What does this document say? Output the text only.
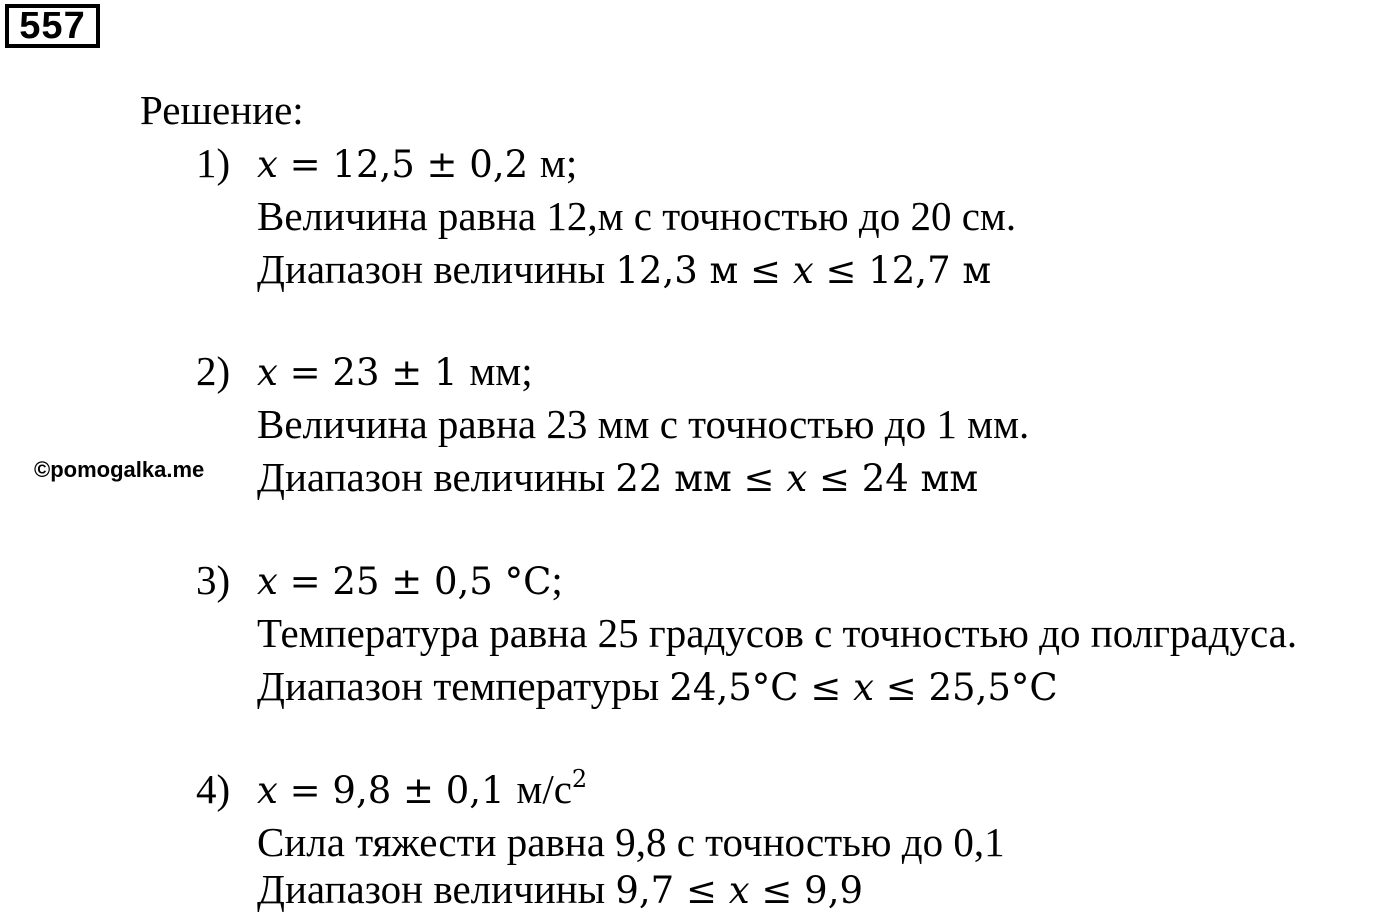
557
Решение:
©pomogalka.me
1) x = 12,5 ± 0,2 м;
Величина равна 12,м с точностью до 20 см.
Диапазон величины 12,3 м ≤ x ≤ 12,7 м
2) x = 23 ± 1 мм;
Величина равна 23 мм с точностью до 1 мм.
Диапазон величины 22 мм ≤ x ≤ 24 мм
3) x = 25 ± 0,5 °C;
Температура равна 25 градусов с точностью до полградуса.
Диапазон температуры 24,5°C ≤ x ≤ 25,5°C
4) x = 9,8 ± 0,1 $м/с^2$
Сила тяжести равна 9,8 с точностью до 0,1
Диапазон величины 9,7 ≤ x ≤ 9,9
